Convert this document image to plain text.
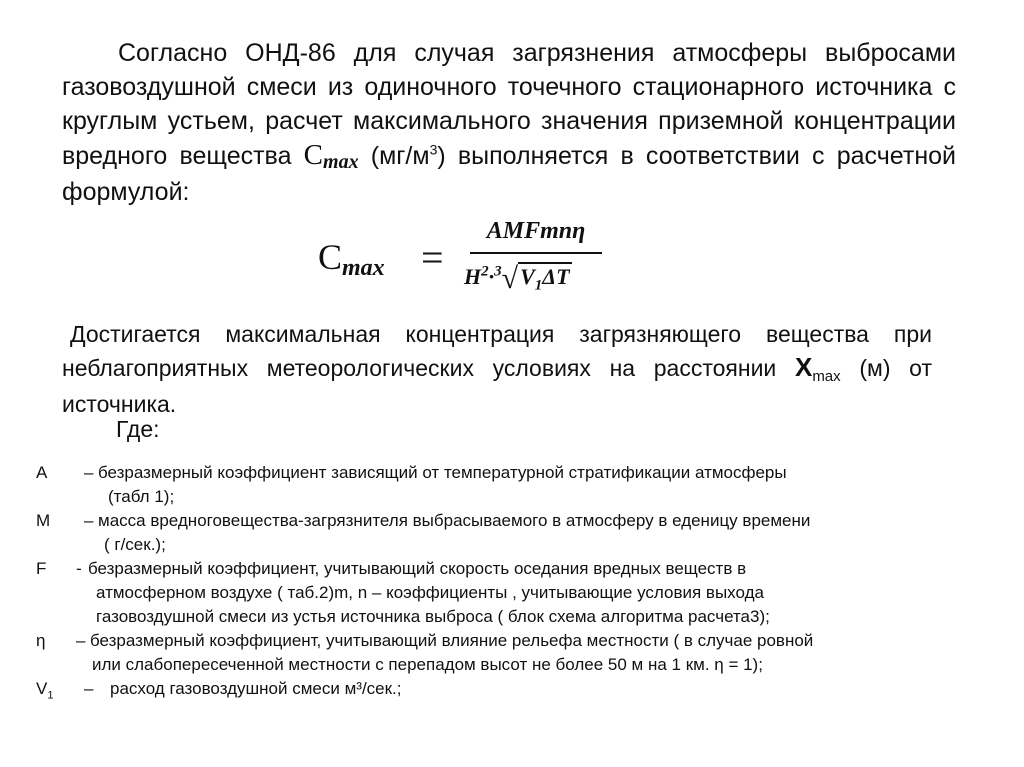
Согласно ОНД-86 для случая загрязнения атмосферы выбросами газовоздушной смеси из одиночного точечного стационарного источника с круглым устьем, расчет максимального значения приземной концентрации вредного вещества Cmax $(мг/м^3)$ выполняется в соответствии с расчетной формулой:
Cmax =
AMFmnη
$H^2\cdot^3√V_1\Delta T$
Достигается максимальная концентрация загрязняющего вещества при неблагоприятных метеорологических условиях на расстоянии Xmax (м) от источника.
Где:
A – безразмерный коэффициент зависящий от температурной стратификации атмосферы
(табл 1);
M – масса вредноговещества-загрязнителя выбрасываемого в атмосферу в еденицу времени
( г/сек.);
F - безразмерный коэффициент, учитывающий скорость оседания вредных веществ в
атмосферном воздухе ( таб.2)m, n – коэффициенты , учитывающие условия выхода
газовоздушной смеси из устья источника выброса ( блок схема алгоритма расчета3);
η – безразмерный коэффициент, учитывающий влияние рельефа местности ( в случае ровной
или слабопересеченной местности с перепадом высот не более 50 м на 1 км. η = 1);
$V_1$ – расход газовоздушной смеси м³/сек.;
